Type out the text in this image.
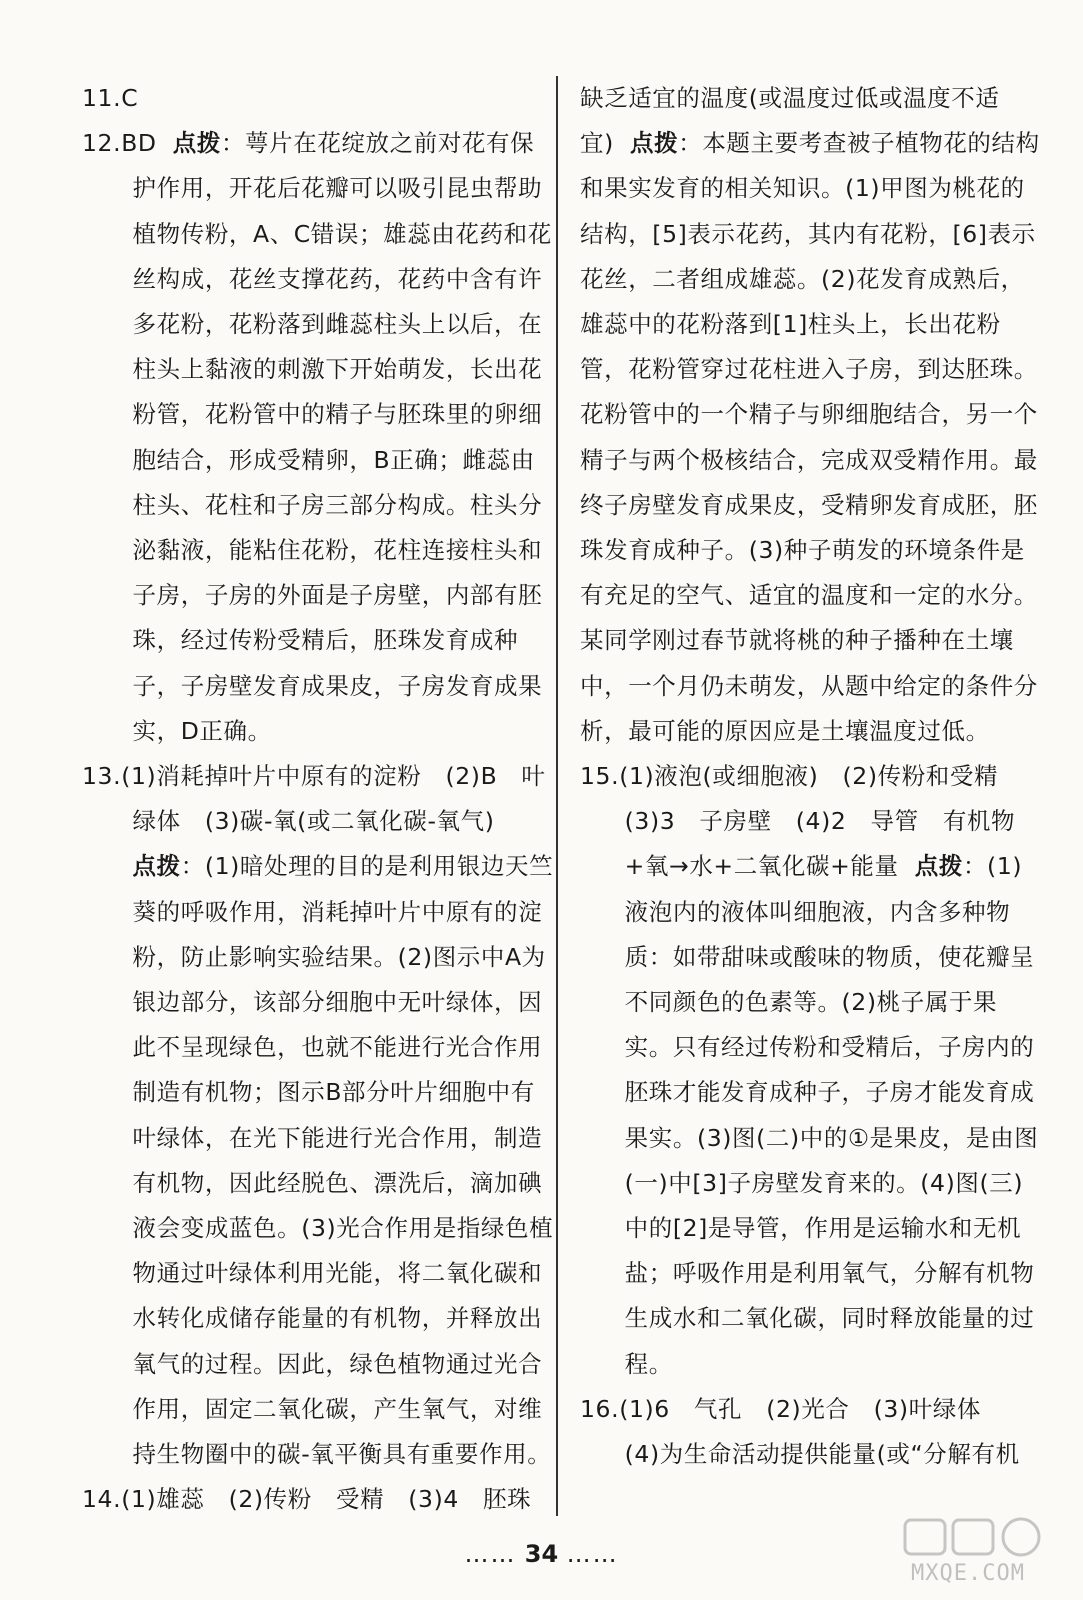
11.C

12.BD 点拨：萼片在花绽放之前对花有保护作用，开花后花瓣可以吸引昆虫帮助植物传粉，A、C错误；雄蕊由花药和花丝构成，花丝支撑花药，花药中含有许多花粉，花粉落到雌蕊柱头上以后，在柱头上黏液的刺激下开始萌发，长出花粉管，花粉管中的精子与胚珠里的卵细胞结合，形成受精卵，B正确；雌蕊由柱头、花柱和子房三部分构成。柱头分泌黏液，能粘住花粉，花柱连接柱头和子房，子房的外面是子房壁，内部有胚珠，经过传粉受精后，胚珠发育成种子，子房壁发育成果皮，子房发育成果实，D正确。

13.(1)消耗掉叶片中原有的淀粉　(2)B　叶绿体　(3)碳-氧(或二氧化碳-氧气)
点拨：(1)暗处理的目的是利用银边天竺葵的呼吸作用，消耗掉叶片中原有的淀粉，防止影响实验结果。(2)图示中A为银边部分，该部分细胞中无叶绿体，因此不呈现绿色，也就不能进行光合作用制造有机物；图示B部分叶片细胞中有叶绿体，在光下能进行光合作用，制造有机物，因此经脱色、漂洗后，滴加碘液会变成蓝色。(3)光合作用是指绿色植物通过叶绿体利用光能，将二氧化碳和水转化成储存能量的有机物，并释放出氧气的过程。因此，绿色植物通过光合作用，固定二氧化碳，产生氧气，对维持生物圈中的碳-氧平衡具有重要作用。

14.(1)雄蕊　(2)传粉　受精　(3)4　胚珠

缺乏适宜的温度(或温度过低或温度不适宜) 点拨：本题主要考查被子植物花的结构和果实发育的相关知识。(1)甲图为桃花的结构，[5]表示花药，其内有花粉，[6]表示花丝，二者组成雄蕊。(2)花发育成熟后，雄蕊中的花粉落到[1]柱头上，长出花粉管，花粉管穿过花柱进入子房，到达胚珠。花粉管中的一个精子与卵细胞结合，另一个精子与两个极核结合，完成双受精作用。最终子房壁发育成果皮，受精卵发育成胚，胚珠发育成种子。(3)种子萌发的环境条件是有充足的空气、适宜的温度和一定的水分。某同学刚过春节就将桃的种子播种在土壤中，一个月仍未萌发，从题中给定的条件分析，最可能的原因应是土壤温度过低。

15.(1)液泡(或细胞液)　(2)传粉和受精　(3)3　子房壁　(4)2　导管　有机物+氧→水+二氧化碳+能量 点拨：(1)液泡内的液体叫细胞液，内含多种物质：如带甜味或酸味的物质，使花瓣呈不同颜色的色素等。(2)桃子属于果实。只有经过传粉和受精后，子房内的胚珠才能发育成种子，子房才能发育成果实。(3)图(二)中的①是果皮，是由图(一)中[3]子房壁发育来的。(4)图(三)中的[2]是导管，作用是运输水和无机盐；呼吸作用是利用氧气，分解有机物生成水和二氧化碳，同时释放能量的过程。

16.(1)6　气孔　(2)光合　(3)叶绿体
(4)为生命活动提供能量(或“分解有机

…… 34 ……
MXQE.COM
